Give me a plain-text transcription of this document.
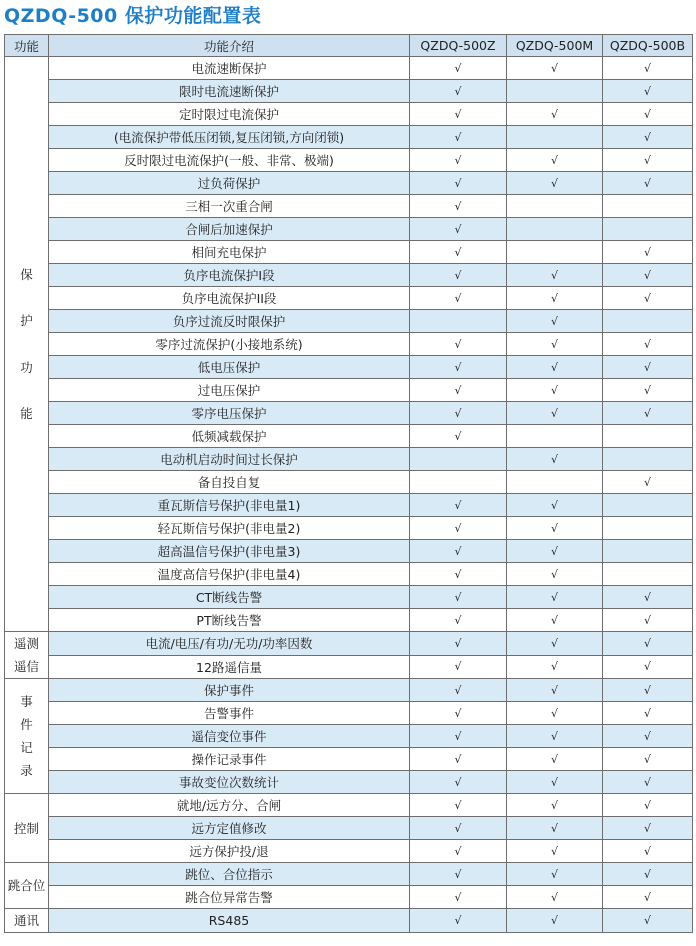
QZDQ-500 保护功能配置表
功能	功能介绍	QZDQ-500Z	QZDQ-500M	QZDQ-500B
保

护

功

能	电流速断保护	√	√	√
	限时电流速断保护	√		√
	定时限过电流保护	√	√	√
	(电流保护带低压闭锁,复压闭锁,方向闭锁)	√		√
	反时限过电流保护(一般、非常、极端)	√	√	√
	过负荷保护	√	√	√
	三相一次重合闸	√		
	合闸后加速保护	√		
	相间充电保护	√		√
	负序电流保护I段	√	√	√
	负序电流保护II段	√	√	√
	负序过流反时限保护		√	
	零序过流保护(小接地系统)	√	√	√
	低电压保护	√	√	√
	过电压保护	√	√	√
	零序电压保护	√	√	√
	低频减载保护	√		
	电动机启动时间过长保护		√	
	备自投自复			√
	重瓦斯信号保护(非电量1)	√	√	
	轻瓦斯信号保护(非电量2)	√	√	
	超高温信号保护(非电量3)	√	√	
	温度高信号保护(非电量4)	√	√	
	CT断线告警	√	√	√
	PT断线告警	√	√	√
遥测
遥信	电流/电压/有功/无功/功率因数	√	√	√
	12路遥信量	√	√	√
事
件
记
录	保护事件	√	√	√
	告警事件	√	√	√
	遥信变位事件	√	√	√
	操作记录事件	√	√	√
	事故变位次数统计	√	√	√
控制	就地/远方分、合闸	√	√	√
	远方定值修改	√	√	√
	远方保护投/退	√	√	√
跳合位	跳位、合位指示	√	√	√
	跳合位异常告警	√	√	√
通讯	RS485	√	√	√
